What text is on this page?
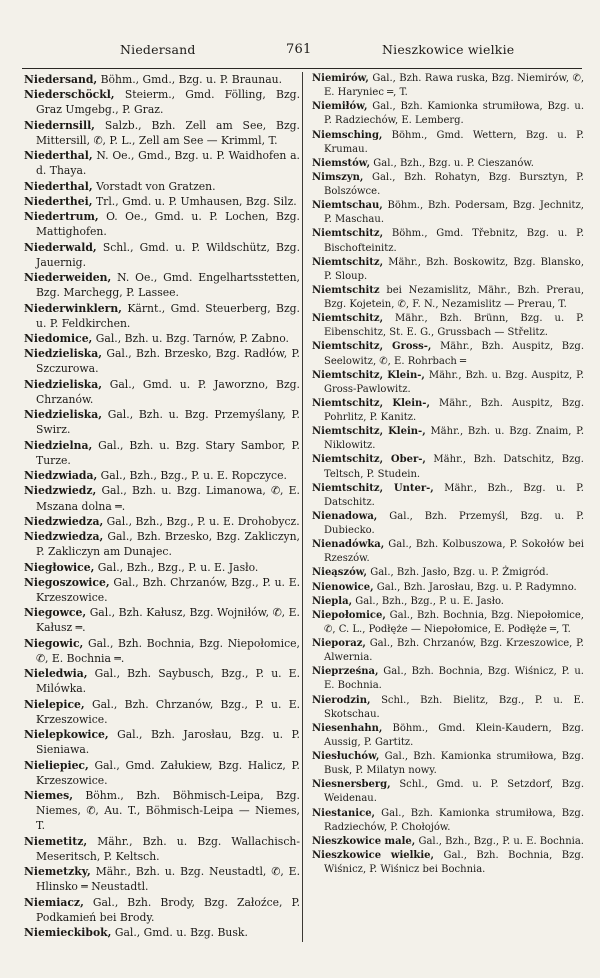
Niedersand	761	Nieszkowice wielkie
Niedersand, Böhm., Gmd., Bzg. u. P. Braunau.
Niederschöckl, Steierm., Gmd. Fölling, Bzg. Graz Umgebg., P. Graz.
Niedernsill, Salzb., Bzh. Zell am See, Bzg. Mittersill, ✆, P. L., Zell am See — Krimml, T.
Niederthal, N. Oe., Gmd., Bzg. u. P. Waidhofen a. d. Thaya.
Niederthal, Vorstadt von Gratzen.
Niederthei, Trl., Gmd. u. P. Umhausen, Bzg. Silz.
Niedertrum, O. Oe., Gmd. u. P. Lochen, Bzg. Mattighofen.
Niederwald, Schl., Gmd. u. P. Wildschütz, Bzg. Jauernig.
Niederweiden, N. Oe., Gmd. Engelhartsstetten, Bzg. Marchegg, P. Lassee.
Niederwinklern, Kärnt., Gmd. Steuerberg, Bzg. u. P. Feldkirchen.
Niedomice, Gal., Bzh. u. Bzg. Tarnów, P. Zabno.
Niedzieliska, Gal., Bzh. Brzesko, Bzg. Radłów, P. Szczurowa.
Niedzieliska, Gal., Gmd. u. P. Jaworzno, Bzg. Chrzanów.
Niedzieliska, Gal., Bzh. u. Bzg. Przemyślany, P. Swirz.
Niedzielna, Gal., Bzh. u. Bzg. Stary Sambor, P. Turze.
Niedzwiada, Gal., Bzh., Bzg., P. u. E. Ropczyce.
Niedzwiedz, Gal., Bzh. u. Bzg. Limanowa, ✆, E. Mszana dolna ═.
Niedzwiedza, Gal., Bzh., Bzg., P. u. E. Drohobycz.
Niedzwiedza, Gal., Bzh. Brzesko, Bzg. Zakliczyn, P. Zakliczyn am Dunajec.
Niegłowice, Gal., Bzh., Bzg., P. u. E. Jasło.
Niegoszowice, Gal., Bzh. Chrzanów, Bzg., P. u. E. Krzeszowice.
Niegowce, Gal., Bzh. Kałusz, Bzg. Wojniłów, ✆, E. Kałusz ═.
Niegowic, Gal., Bzh. Bochnia, Bzg. Niepołomice, ✆, E. Bochnia ═.
Nieledwia, Gal., Bzh. Saybusch, Bzg., P. u. E. Milówka.
Nielepice, Gal., Bzh. Chrzanów, Bzg., P. u. E. Krzeszowice.
Nielepkowice, Gal., Bzh. Jarosłau, Bzg. u. P. Sieniawa.
Nieliepiec, Gal., Gmd. Załukiew, Bzg. Halicz, P. Krzeszowice.
Niemes, Böhm., Bzh. Böhmisch-Leipa, Bzg. Niemes, ✆, Au. T., Böhmisch-Leipa — Niemes, T.
Niemetitz, Mähr., Bzh. u. Bzg. Wallachisch-Meseritsch, P. Keltsch.
Niemetzky, Mähr., Bzh. u. Bzg. Neustadtl, ✆, E. Hlinsko ═ Neustadtl.
Niemiacz, Gal., Bzh. Brody, Bzg. Załoźce, P. Podkamień bei Brody.
Niemieckibok, Gal., Gmd. u. Bzg. Busk.
Niemirów, Gal., Bzh. Rawa ruska, Bzg. Niemirów, ✆, E. Haryniec ═, T.
Niemiłów, Gal., Bzh. Kamionka strumiłowa, Bzg. u. P. Radziechów, E. Lemberg.
Niemsching, Böhm., Gmd. Wettern, Bzg. u. P. Krumau.
Niemstów, Gal., Bzh., Bzg. u. P. Cieszanów.
Nimszyn, Gal., Bzh. Rohatyn, Bzg. Bursztyn, P. Bolszówce.
Niemtschau, Böhm., Bzh. Podersam, Bzg. Jechnitz, P. Maschau.
Niemtschitz, Böhm., Gmd. Třebnitz, Bzg. u. P. Bischofteinitz.
Niemtschitz, Mähr., Bzh. Boskowitz, Bzg. Blansko, P. Sloup.
Niemtschitz bei Nezamislitz, Mähr., Bzh. Prerau, Bzg. Kojetein, ✆, F. N., Nezamislitz — Prerau, T.
Niemtschitz, Mähr., Bzh. Brünn, Bzg. u. P. Eibenschitz, St. E. G., Grussbach — Střelitz.
Niemtschitz, Gross-, Mähr., Bzh. Auspitz, Bzg. Seelowitz, ✆, E. Rohrbach ═
Niemtschitz, Klein-, Mähr., Bzh. u. Bzg. Auspitz, P. Gross-Pawlowitz.
Niemtschitz, Klein-, Mähr., Bzh. Auspitz, Bzg. Pohrlitz, P. Kanitz.
Niemtschitz, Klein-, Mähr., Bzh. u. Bzg. Znaim, P. Niklowitz.
Niemtschitz, Ober-, Mähr., Bzh. Datschitz, Bzg. Teltsch, P. Studein.
Niemtschitz, Unter-, Mähr., Bzh., Bzg. u. P. Datschitz.
Nienadowa, Gal., Bzh. Przemyśl, Bzg. u. P. Dubiecko.
Nienadówka, Gal., Bzh. Kolbuszowa, P. Sokołów bei Rzeszów.
Nieąszów, Gal., Bzh. Jasło, Bzg. u. P. Żmigród.
Nienowice, Gal., Bzh. Jarosłau, Bzg. u. P. Radymno.
Niepla, Gal., Bzh., Bzg., P. u. E. Jasło.
Niepołomice, Gal., Bzh. Bochnia, Bzg. Niepołomice, ✆, C. L., Podłęże — Niepołomice, E. Podłęże ═, T.
Nieporaz, Gal., Bzh. Chrzanów, Bzg. Krzeszowice, P. Alwernia.
Nieprześna, Gal., Bzh. Bochnia, Bzg. Wiśnicz, P. u. E. Bochnia.
Nierodzin, Schl., Bzh. Bielitz, Bzg., P. u. E. Skotschau.
Niesenhahn, Böhm., Gmd. Klein-Kaudern, Bzg. Aussig, P. Gartitz.
Niesłuchów, Gal., Bzh. Kamionka strumiłowa, Bzg. Busk, P. Milatyn nowy.
Niesnersberg, Schl., Gmd. u. P. Setzdorf, Bzg. Weidenau.
Niestanice, Gal., Bzh. Kamionka strumiłowa, Bzg. Radziechów, P. Chołojów.
Nieszkowice male, Gal., Bzh., Bzg., P. u. E. Bochnia.
Nieszkowice wielkie, Gal., Bzh. Bochnia, Bzg. Wiśnicz, P. Wiśnicz bei Bochnia.
